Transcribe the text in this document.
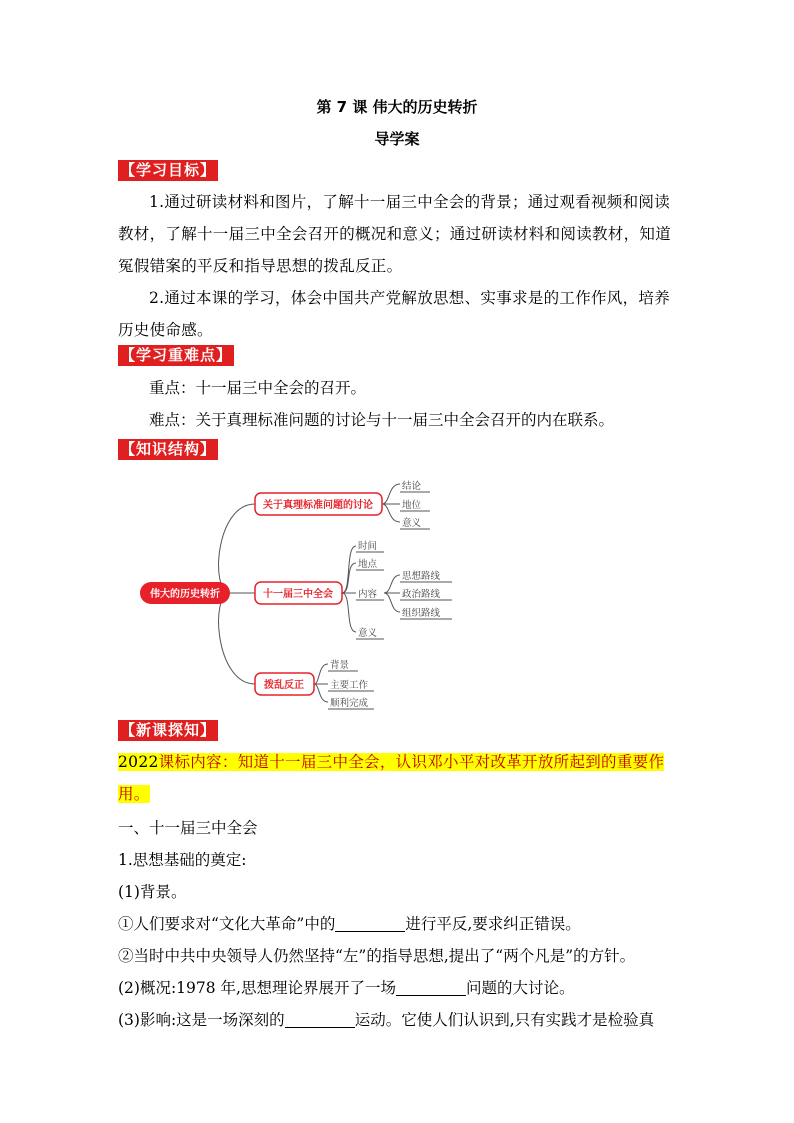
第 7 课 伟大的历史转折
导学案
【学习目标】
1.通过研读材料和图片，了解十一届三中全会的背景；通过观看视频和阅读教材，了解十一届三中全会召开的概况和意义；通过研读材料和阅读教材，知道冤假错案的平反和指导思想的拨乱反正。
2.通过本课的学习，体会中国共产党解放思想、实事求是的工作作风，培养历史使命感。
【学习重难点】
重点：十一届三中全会的召开。
难点：关于真理标准问题的讨论与十一届三中全会召开的内在联系。
【知识结构】
伟大的历史转折
关于真理标准问题的讨论
十一届三中全会
拨乱反正
结论
地位
意义
时间
地点
内容
意义
思想路线
政治路线
组织路线
背景
主要工作
顺利完成
【新课探知】
2022课标内容：知道十一届三中全会，认识邓小平对改革开放所起到的重要作用。
一、十一届三中全会
1.思想基础的奠定:
(1)背景。
①人们要求对“文化大革命”中的	进行平反,要求纠正错误。
②当时中共中央领导人仍然坚持“左”的指导思想,提出了“两个凡是”的方针。
(2)概况:1978 年,思想理论界展开了一场	问题的大讨论。
(3)影响:这是一场深刻的	运动。它使人们认识到,只有实践才是检验真
